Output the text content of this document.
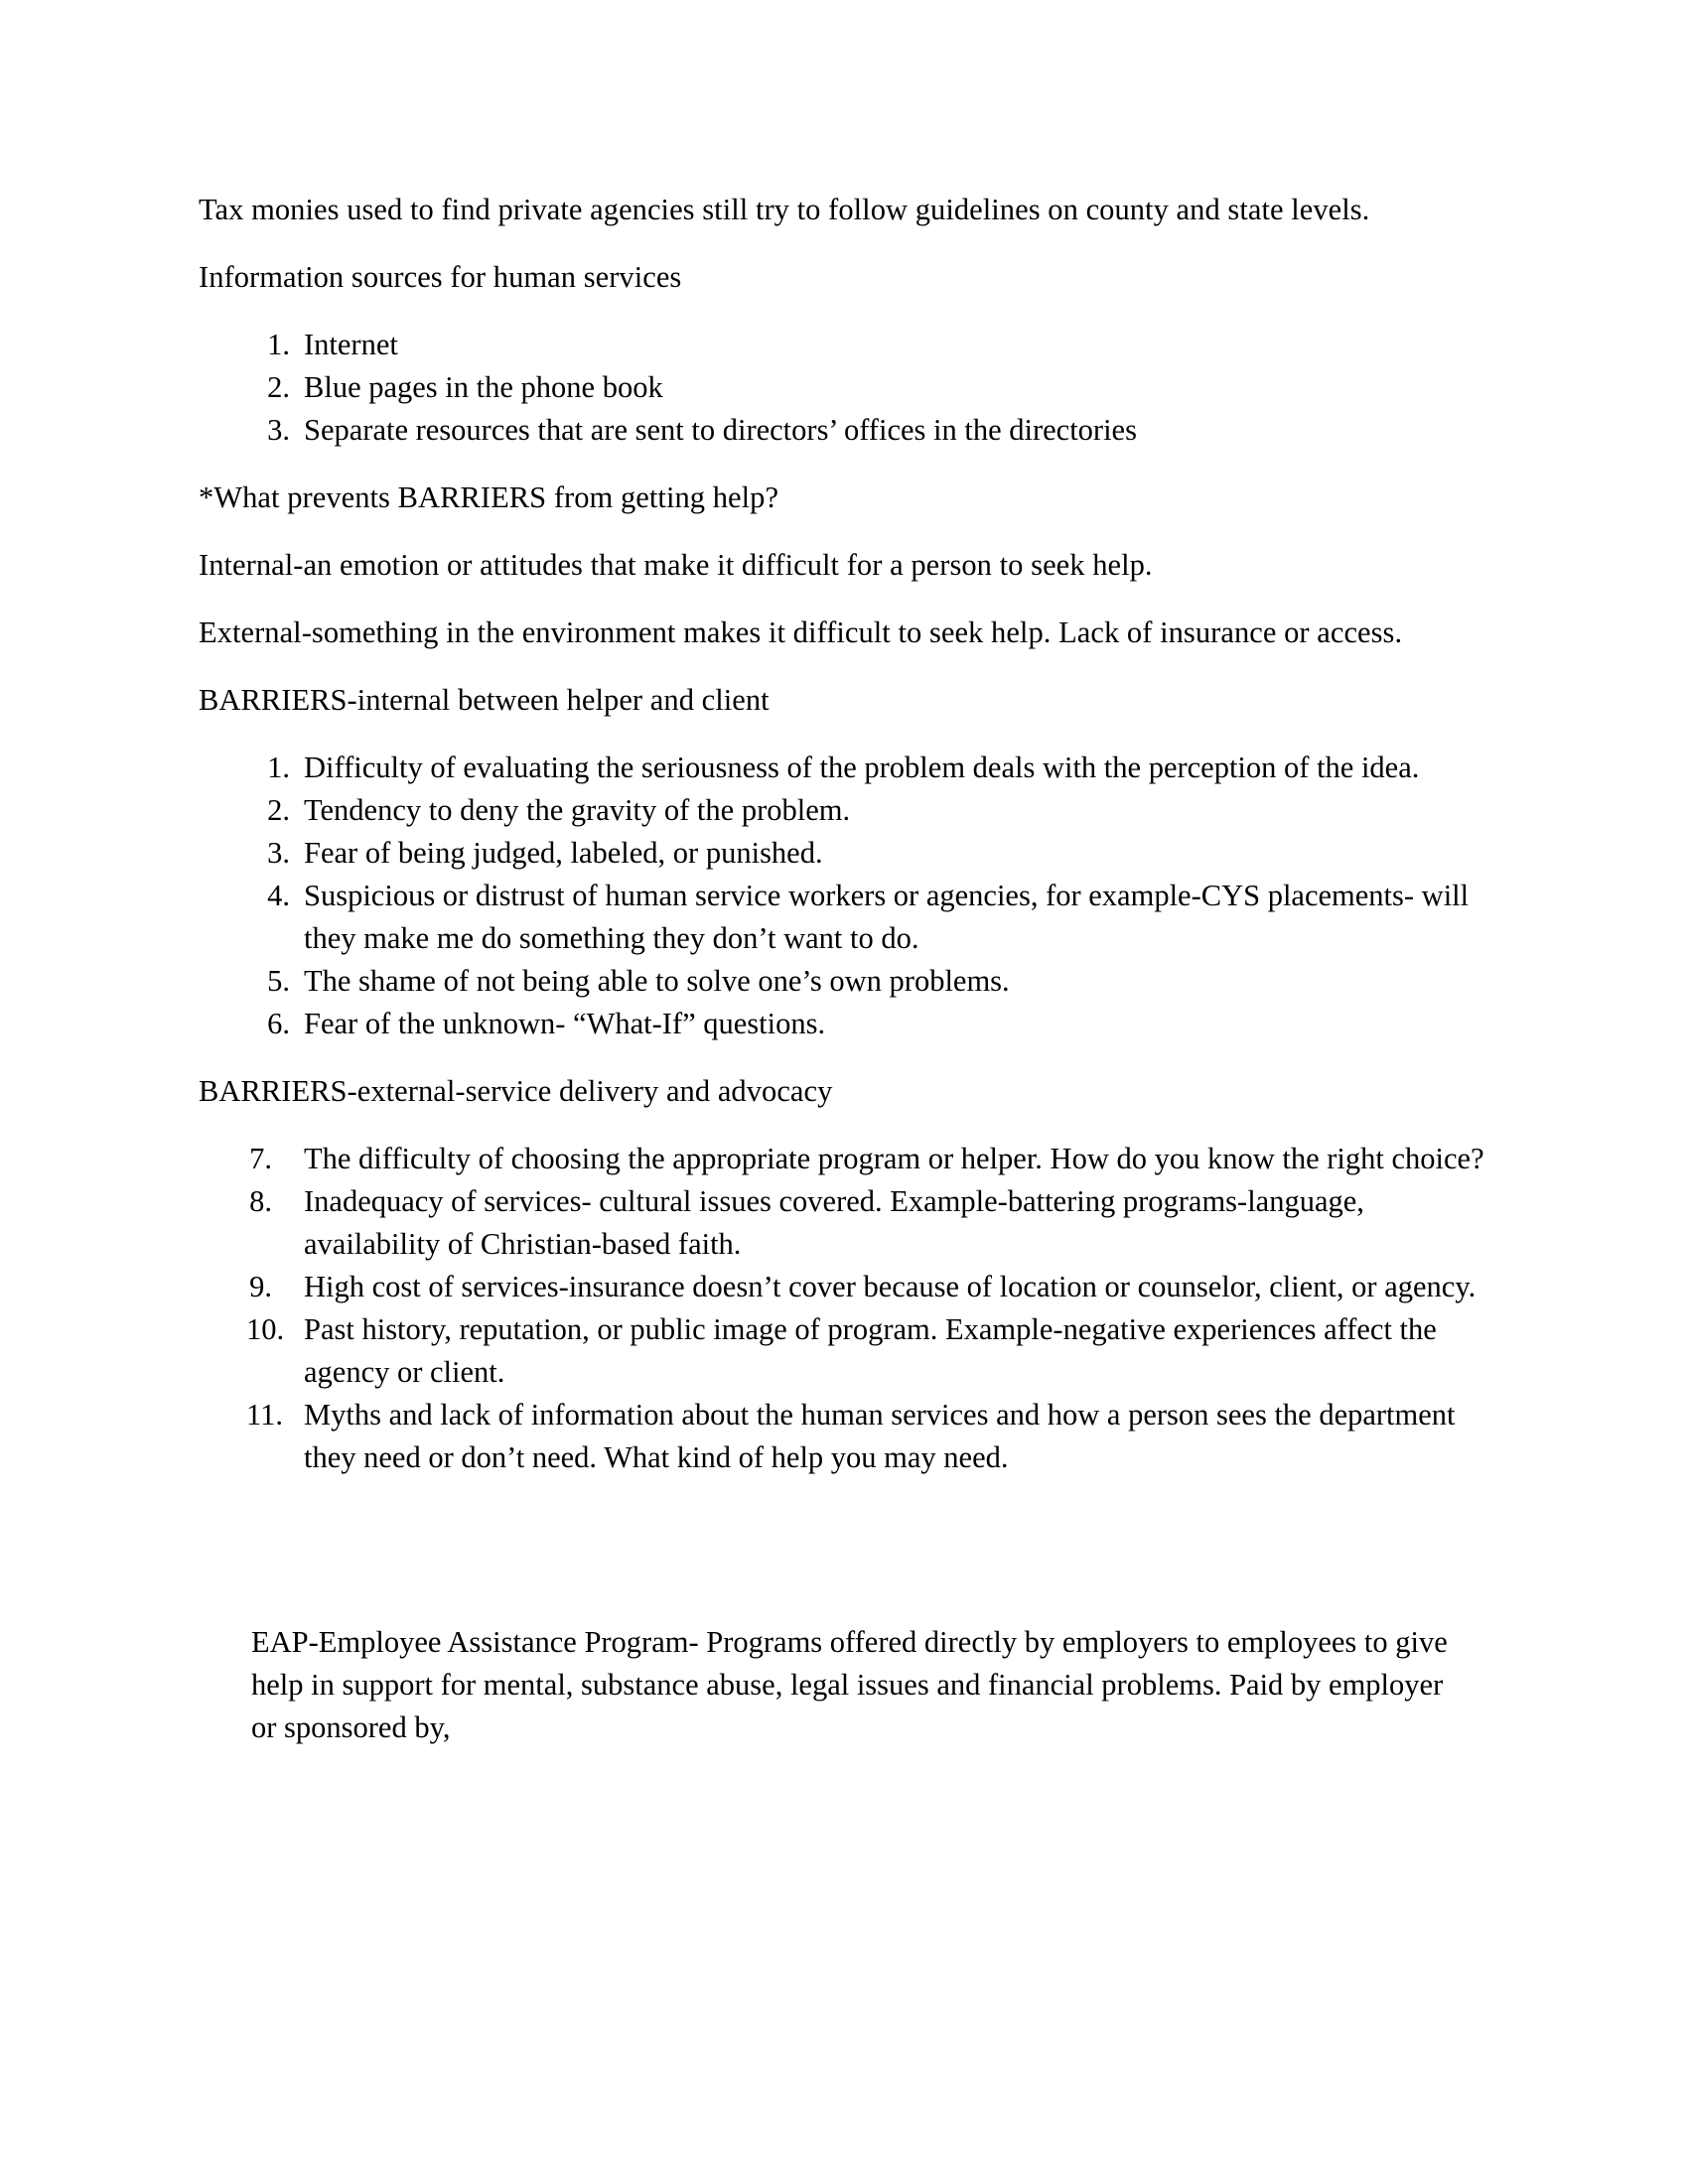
Tax monies used to find private agencies still try to follow guidelines on county and state levels.

Information sources for human services

1. Internet
2. Blue pages in the phone book
3. Separate resources that are sent to directors’ offices in the directories

*What prevents BARRIERS from getting help?

Internal-an emotion or attitudes that make it difficult for a person to seek help.

External-something in the environment makes it difficult to seek help. Lack of insurance or access.

BARRIERS-internal between helper and client

1. Difficulty of evaluating the seriousness of the problem deals with the perception of the idea.
2. Tendency to deny the gravity of the problem.
3. Fear of being judged, labeled, or punished.
4. Suspicious or distrust of human service workers or agencies, for example-CYS placements- will they make me do something they don’t want to do.
5. The shame of not being able to solve one’s own problems.
6. Fear of the unknown- “What-If” questions.

BARRIERS-external-service delivery and advocacy

7. The difficulty of choosing the appropriate program or helper. How do you know the right choice?
8. Inadequacy of services- cultural issues covered. Example-battering programs-language, availability of Christian-based faith.
9. High cost of services-insurance doesn’t cover because of location or counselor, client, or agency.
10. Past history, reputation, or public image of program. Example-negative experiences affect the agency or client.
11. Myths and lack of information about the human services and how a person sees the department they need or don’t need. What kind of help you may need.

EAP-Employee Assistance Program- Programs offered directly by employers to employees to give help in support for mental, substance abuse, legal issues and financial problems. Paid by employer or sponsored by,
